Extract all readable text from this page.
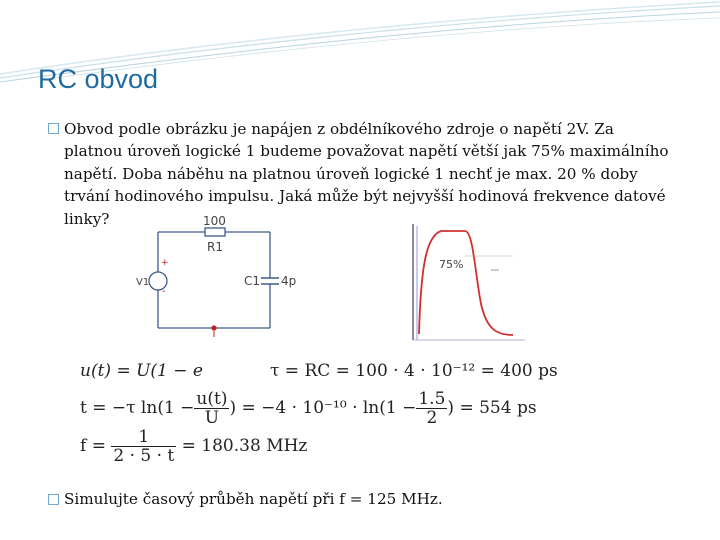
RC obvod
□ Obvod podle obrázku je napájen z obdélníkového zdroje o napětí 2V. Za
platnou úroveň logické 1 budeme považovat napětí větší jak 75% maximálního
napětí. Doba náběhu na platnou úroveň logické 1 nechť je max. 20 % doby
trvání hodinového impulsu. Jaká může být nejvyšší hodinová frekvence datové
linky?	100
R1
V1
+
-
C1 4p
75%
u(t) = U(1 − e	τ = RC = 100 · 4 · 10⁻¹² = 400 ps
t = −τ $\ln(1 - \frac{u(t)}{U}$ ) = $-4 \cdot 10^{-10} \cdot \ln(1 - \frac{1.5}{2}$ ) = 554 ps
$f = \frac{1}{2 \cdot 5 \cdot t} = 180.38$ MHz
□ Simulujte časový průběh napětí při f = 125 MHz.
